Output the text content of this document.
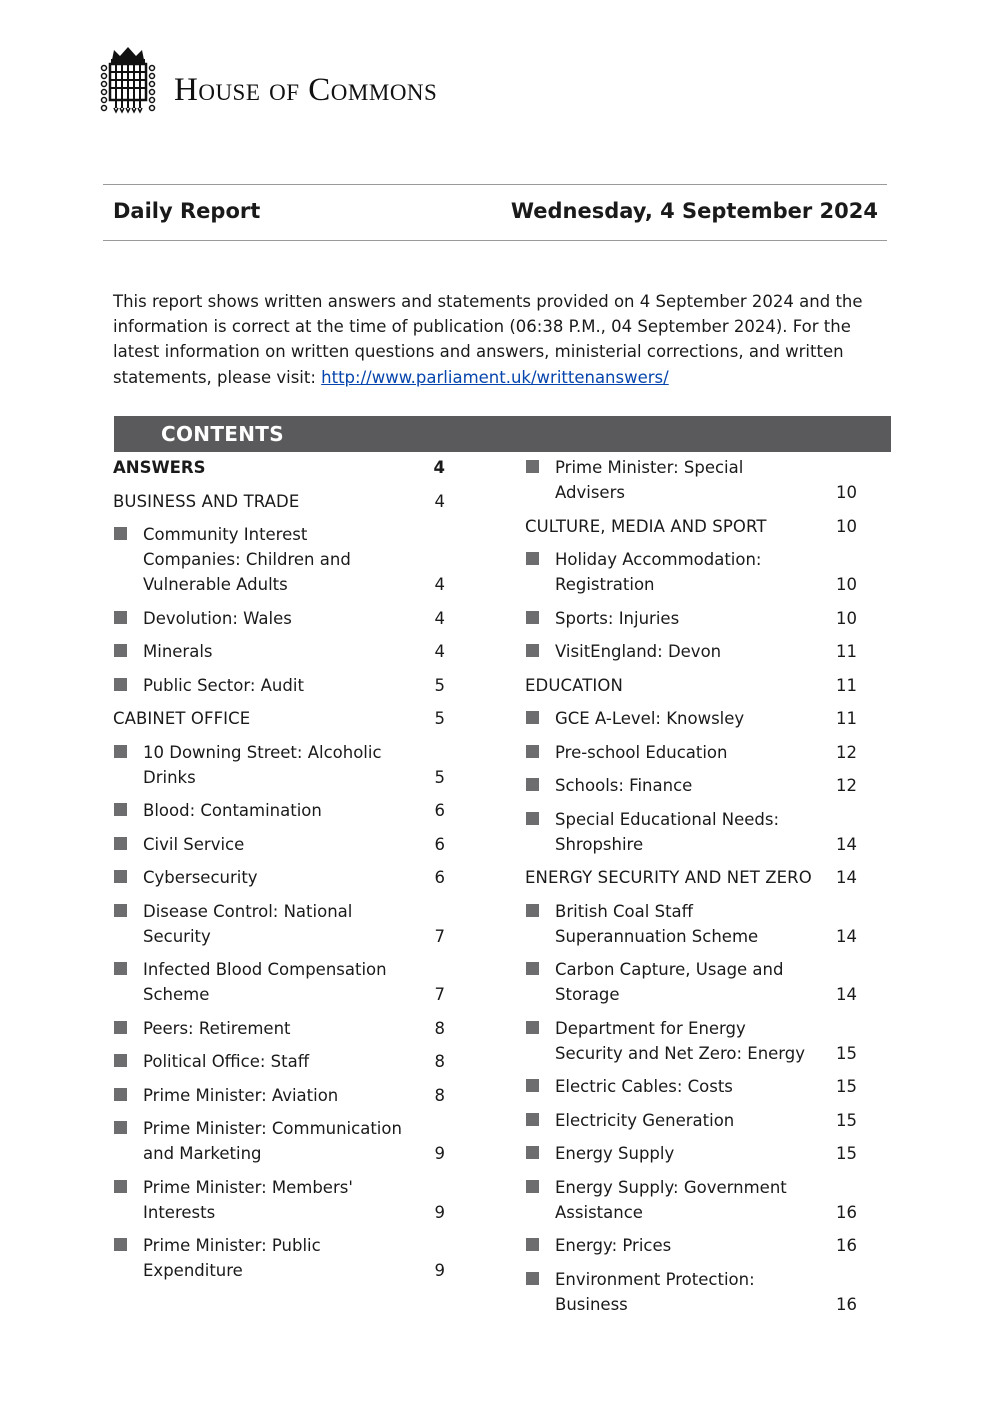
House of Commons
Daily Report	Wednesday, 4 September 2024
This report shows written answers and statements provided on 4 September 2024 and the information is correct at the time of publication (06:38 P.M., 04 September 2024). For the latest information on written questions and answers, ministerial corrections, and written statements, please visit: http://www.parliament.uk/writtenanswers/
CONTENTS
ANSWERS	4
BUSINESS AND TRADE	4
Community Interest Companies: Children and Vulnerable Adults	4
Devolution: Wales	4
Minerals	4
Public Sector: Audit	5
CABINET OFFICE	5
10 Downing Street: Alcoholic Drinks	5
Blood: Contamination	6
Civil Service	6
Cybersecurity	6
Disease Control: National Security	7
Infected Blood Compensation Scheme	7
Peers: Retirement	8
Political Office: Staff	8
Prime Minister: Aviation	8
Prime Minister: Communication and Marketing	9
Prime Minister: Members' Interests	9
Prime Minister: Public Expenditure	9
Prime Minister: Special Advisers	10
CULTURE, MEDIA AND SPORT	10
Holiday Accommodation: Registration	10
Sports: Injuries	10
VisitEngland: Devon	11
EDUCATION	11
GCE A-Level: Knowsley	11
Pre-school Education	12
Schools: Finance	12
Special Educational Needs: Shropshire	14
ENERGY SECURITY AND NET ZERO	14
British Coal Staff Superannuation Scheme	14
Carbon Capture, Usage and Storage	14
Department for Energy Security and Net Zero: Energy	15
Electric Cables: Costs	15
Electricity Generation	15
Energy Supply	15
Energy Supply: Government Assistance	16
Energy: Prices	16
Environment Protection: Business	16
